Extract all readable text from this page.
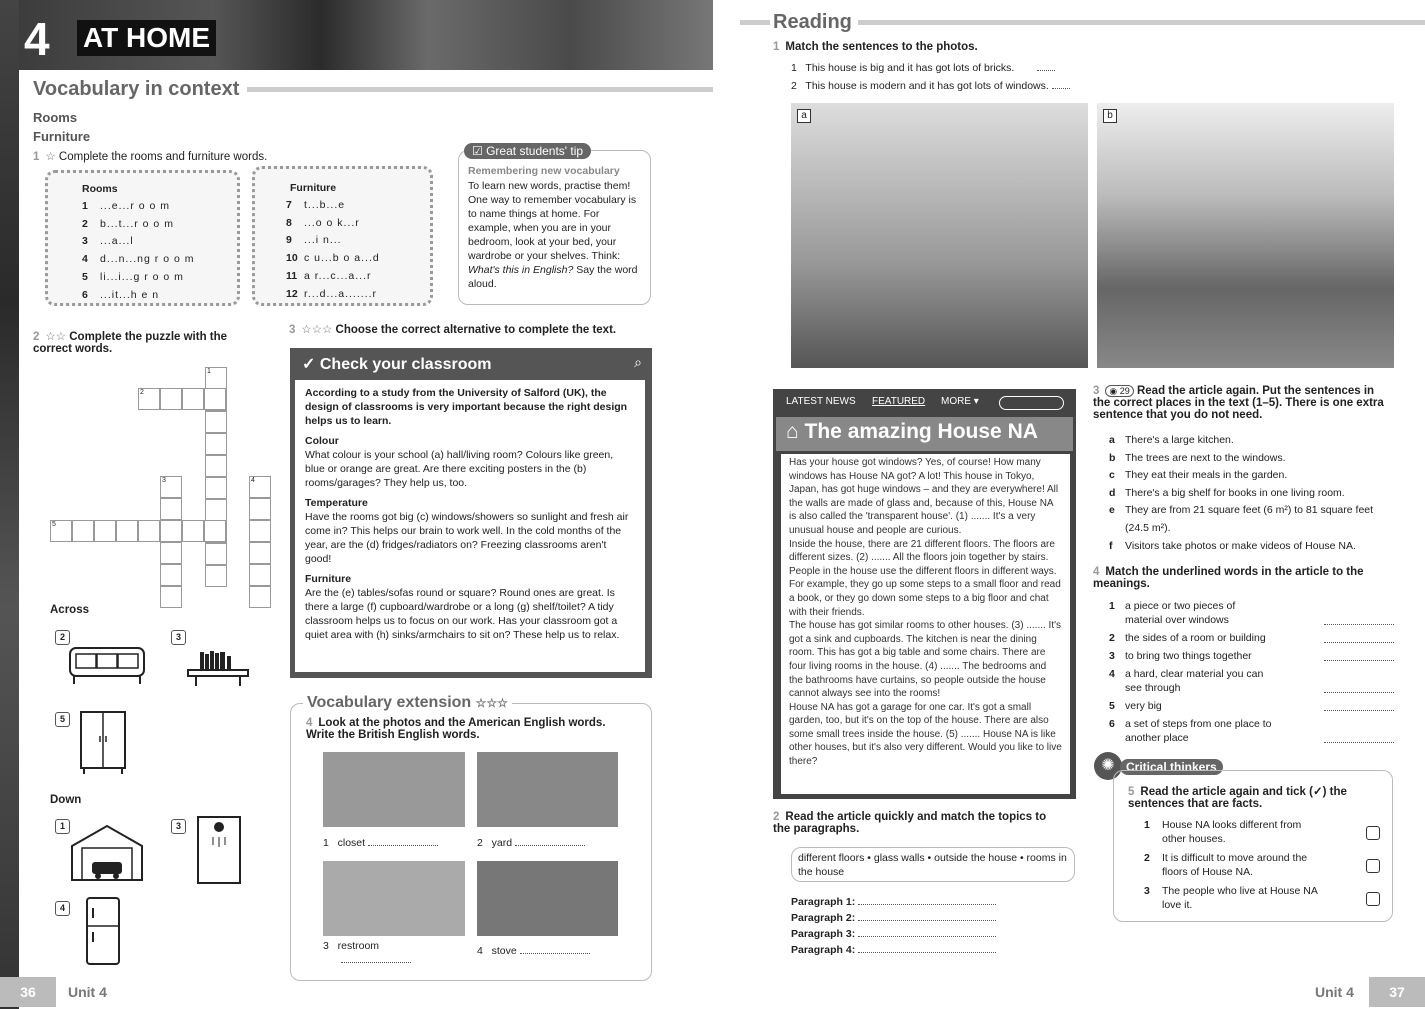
4 AT HOME
Vocabulary in context
Rooms
Furniture
1 ☆ Complete the rooms and furniture words.
Rooms
1 ...e...r o o m
2 b...t...r o o m
3 ...a...l
4 d...n...ng r o o m
5 li...i...g r o o m
6 ...it...h e n
Furniture
7 t...b...e
8 ...o o k...r
9 ...i n...
10 c u...b o a...d
11 a r...c...a...r
12 r...d...a.......r
☑ Great students' tip
Remembering new vocabulary
To learn new words, practise them! One way to remember vocabulary is to name things at home. For example, when you are in your bedroom, look at your bed, your wardrobe or your shelves. Think: What's this in English? Say the word aloud.
2 ☆☆ Complete the puzzle with the correct words.
1
2
3	4
5
Across
2	3
5
Down
1	3
4
3 ☆☆☆ Choose the correct alternative to complete the text.
✓ Check your classroom	⌕
According to a study from the University of Salford (UK), the design of classrooms is very important because the right design helps us to learn.
Colour
What colour is your school (a) hall/living room? Colours like green, blue or orange are great. Are there exciting posters in the (b) rooms/garages? They help us, too.
Temperature
Have the rooms got big (c) windows/showers so sunlight and fresh air come in? This helps our brain to work well. In the cold months of the year, are the (d) fridges/radiators on? Freezing classrooms aren't good!
Furniture
Are the (e) tables/sofas round or square? Round ones are great. Is there a large (f) cupboard/wardrobe or a long (g) shelf/toilet? A tidy classroom helps us to focus on our work. Has your classroom got a quiet area with (h) sinks/armchairs to sit on? These help us to relax.
Vocabulary extension ☆☆☆
4 Look at the photos and the American English words. Write the British English words.
1 closet	2 yard
3 restroom	4 stove
36	Unit 4
Reading
1 Match the sentences to the photos.
1 This house is big and it has got lots of bricks.
2 This house is modern and it has got lots of windows.
a	b
LATEST NEWS FEATURED MORE ▾
⌂ The amazing House NA
Has your house got windows? Yes, of course! How many windows has House NA got? A lot! This house in Tokyo, Japan, has got huge windows – and they are everywhere! All the walls are made of glass and, because of this, House NA is also called the 'transparent house'. (1) ....... It's a very unusual house and people are curious.
Inside the house, there are 21 different floors. The floors are different sizes. (2) ....... All the floors join together by stairs. People in the house use the different floors in different ways. For example, they go up some steps to a small floor and read a book, or they go down some steps to a big floor and chat with their friends.
The house has got similar rooms to other houses. (3) ....... It's got a sink and cupboards. The kitchen is near the dining room. This has got a big table and some chairs. There are four living rooms in the house. (4) ....... The bedrooms and the bathrooms have curtains, so people outside the house cannot always see into the rooms!
House NA has got a garage for one car. It's got a small garden, too, but it's on the top of the house. There are also some small trees inside the house. (5) ....... House NA is like other houses, but it's also very different. Would you like to live there?
2 Read the article quickly and match the topics to the paragraphs.
different floors • glass walls • outside the house • rooms in the house
Paragraph 1:
Paragraph 2:
Paragraph 3:
Paragraph 4:
3 ◉ 29 Read the article again. Put the sentences in the correct places in the text (1–5). There is one extra sentence that you do not need.
a There's a large kitchen.
b The trees are next to the windows.
c They eat their meals in the garden.
d There's a big shelf for books in one living room.
e They are from 21 square feet (6 m²) to 81 square feet (24.5 m²).
f Visitors take photos or make videos of House NA.
4 Match the underlined words in the article to the meanings.
1 a piece or two pieces of material over windows
2 the sides of a room or building
3 to bring two things together
4 a hard, clear material you can see through
5 very big
6 a set of steps from one place to another place
✺ Critical thinkers
5 Read the article again and tick (✓) the sentences that are facts.
1 House NA looks different from other houses.
2 It is difficult to move around the floors of House NA.
3 The people who live at House NA love it.
Unit 4	37
